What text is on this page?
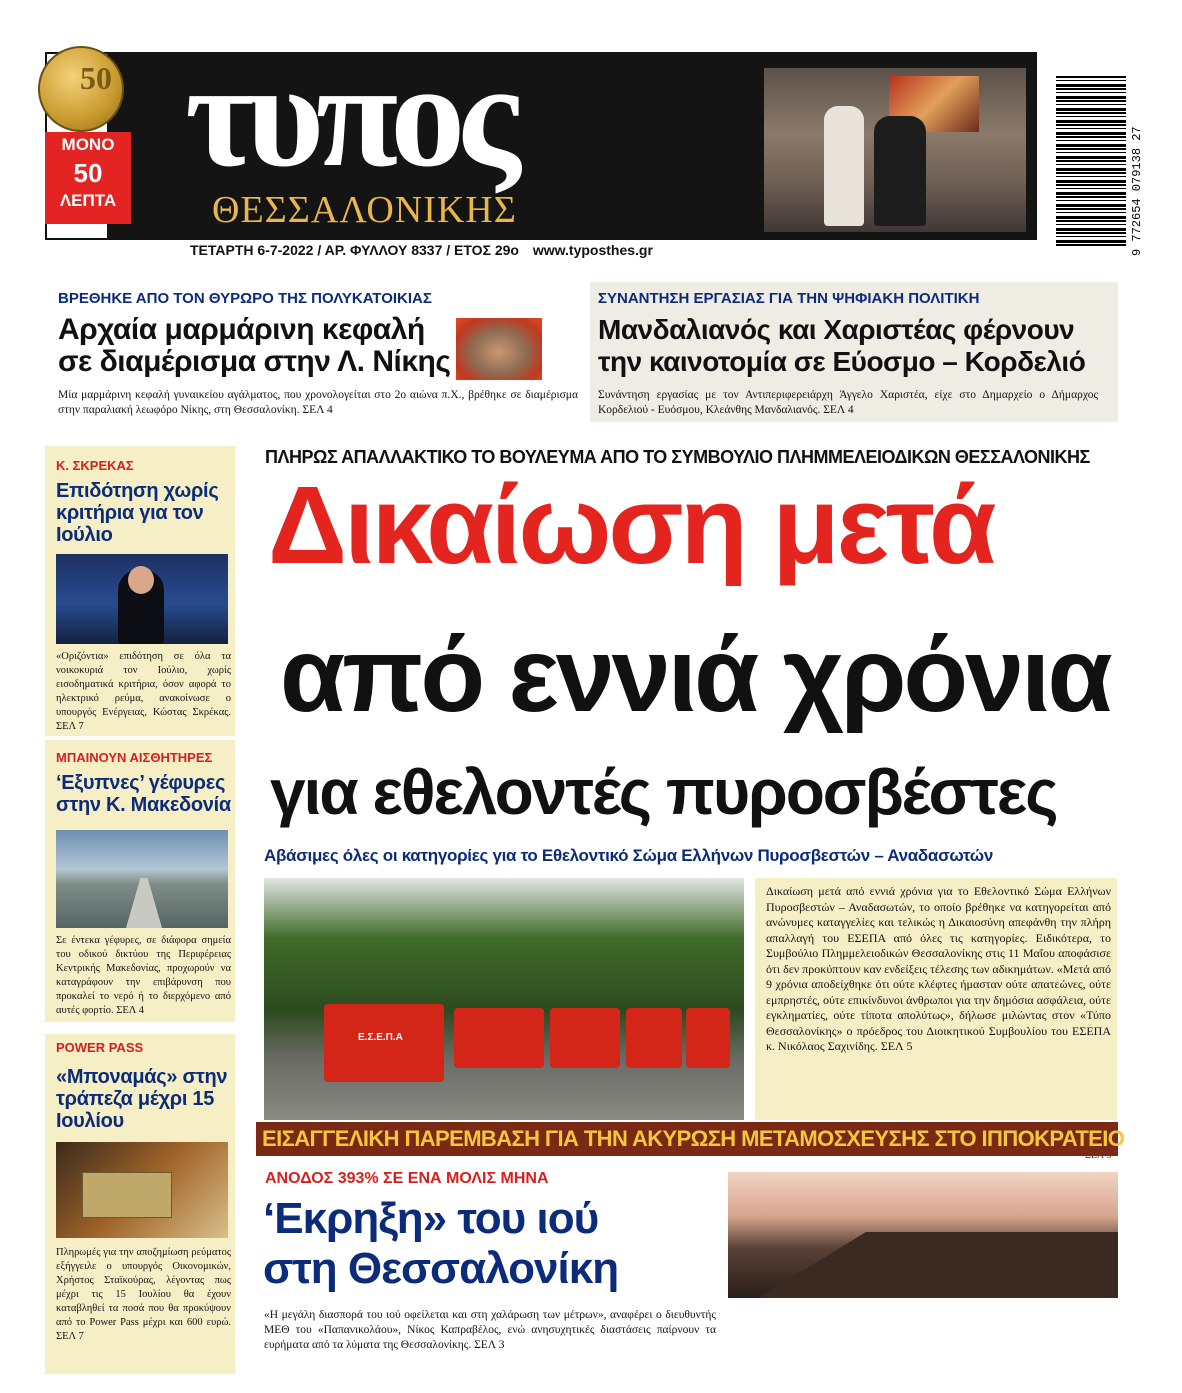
50
ΜΟΝΟ
50
ΛΕΠΤΑ
τυπος
ΘΕΣΣΑΛΟΝΙΚΗΣ	9 772654 079138 27
ΤΕΤΑΡΤΗ 6-7-2022 / ΑΡ. ΦΥΛΛΟΥ 8337 / ΕΤΟΣ 29ο www.typosthes.gr
ΒΡΕΘΗΚΕ ΑΠΟ ΤΟΝ ΘΥΡΩΡΟ ΤΗΣ ΠΟΛΥΚΑΤΟΙΚΙΑΣ
Αρχαία μαρμάρινη κεφαλή
σε διαμέρισμα στην Λ. Νίκης
Μία μαρμάρινη κεφαλή γυναικείου αγάλματος, που χρονολογείται στο 2ο αιώνα π.Χ., βρέθηκε σε διαμέρισμα στην παραλιακή λεωφόρο Νίκης, στη Θεσσαλονίκη. ΣΕΛ 4
ΣΥΝΑΝΤΗΣΗ ΕΡΓΑΣΙΑΣ ΓΙΑ ΤΗΝ ΨΗΦΙΑΚΗ ΠΟΛΙΤΙΚΗ
Μανδαλιανός και Χαριστέας φέρνουν
την καινοτομία σε Εύοσμο – Κορδελιό
Συνάντηση εργασίας με τον Αντιπεριφερειάρχη Άγγελο Χαριστέα, είχε στο Δημαρχείο ο Δήμαρχος Κορδελιού - Ευόσμου, Κλεάνθης Μανδαλιανός. ΣΕΛ 4
Κ. ΣΚΡΕΚΑΣ
Επιδότηση χωρίς κριτήρια για τον Ιούλιο
«Οριζόντια» επιδότηση σε όλα τα νοικοκυριά τον Ιούλιο, χωρίς εισοδηματικά κριτήρια, όσον αφορά το ηλεκτρικό ρεύμα, ανακοίνωσε ο υπουργός Ενέργειας, Κώστας Σκρέκας. ΣΕΛ 7
ΜΠΑΙΝΟΥΝ ΑΙΣΘΗΤΗΡΕΣ
‘Εξυπνες’ γέφυρες στην Κ. Μακεδονία
Σε έντεκα γέφυρες, σε διάφορα σημεία του οδικού δικτύου της Περιφέρειας Κεντρικής Μακεδονίας, προχωρούν να καταγράφουν την επιβάρυνση που προκαλεί το νερό ή το διερχόμενο από αυτές φορτίο. ΣΕΛ 4
POWER PASS
«Μποναμάς» στην τράπεζα μέχρι 15 Ιουλίου
Πληρωμές για την αποζημίωση ρεύματος εξήγγειλε ο υπουργός Οικονομικών, Χρήστος Σταϊκούρας, λέγοντας πως μέχρι τις 15 Ιουλίου θα έχουν καταβληθεί τα ποσά που θα προκύψουν από το Power Pass μέχρι και 600 ευρώ. ΣΕΛ 7
ΠΛΗΡΩΣ ΑΠΑΛΛΑΚΤΙΚΟ ΤΟ ΒΟΥΛΕΥΜΑ ΑΠΟ ΤΟ ΣΥΜΒΟΥΛΙΟ ΠΛΗΜΜΕΛΕΙΟΔΙΚΩΝ ΘΕΣΣΑΛΟΝΙΚΗΣ
Δικαίωση μετά
από εννιά χρόνια
για εθελοντές πυροσβέστες
Αβάσιμες όλες οι κατηγορίες για το Εθελοντικό Σώμα Ελλήνων Πυροσβεστών – Αναδασωτών
Ε.Σ.Ε.Π.Α
Δικαίωση μετά από εννιά χρόνια για το Εθελοντικό Σώμα Ελλήνων Πυροσβεστών – Αναδασωτών, το οποίο βρέθηκε να κατηγορείται από ανώνυμες καταγγελίες και τελικώς η Δικαιοσύνη απεφάνθη την πλήρη απαλλαγή του ΕΣΕΠΑ από όλες τις κατηγορίες. Ειδικότερα, το Συμβούλιο Πλημμελειοδικών Θεσσαλονίκης στις 11 Μαΐου αποφάσισε ότι δεν προκύπτουν καν ενδείξεις τέλεσης των αδικημάτων. «Μετά από 9 χρόνια αποδείχθηκε ότι ούτε κλέφτες ήμασταν ούτε απατεώνες, ούτε εμπρηστές, ούτε επικίνδυνοι άνθρωποι για την δημόσια ασφάλεια, ούτε εγκληματίες, ούτε τίποτα απολύτως», δήλωσε μιλώντας στον «Τύπο Θεσσαλονίκης» ο πρόεδρος του Διοικητικού Συμβουλίου του ΕΣΕΠΑ κ. Νικόλαος Σαχινίδης. ΣΕΛ 5
ΕΙΣΑΓΓΕΛΙΚΗ ΠΑΡΕΜΒΑΣΗ ΓΙΑ ΤΗΝ ΑΚΥΡΩΣΗ ΜΕΤΑΜΟΣΧΕΥΣΗΣ ΣΤΟ ΙΠΠΟΚΡΑΤΕΙΟ
ΣΕΛ 3
ΑΝΟΔΟΣ 393% ΣΕ ΕΝΑ ΜΟΛΙΣ ΜΗΝΑ
‘Εκρηξη» του ιού
στη Θεσσαλονίκη
«Η μεγάλη διασπορά του ιού οφείλεται και στη χαλάρωση των μέτρων», αναφέρει ο διευθυντής ΜΕΘ του «Παπανικολάου», Νίκος Καπραβέλος, ενώ ανησυχητικές διαστάσεις παίρνουν τα ευρήματα από τα λύματα της Θεσσαλονίκης. ΣΕΛ 3
